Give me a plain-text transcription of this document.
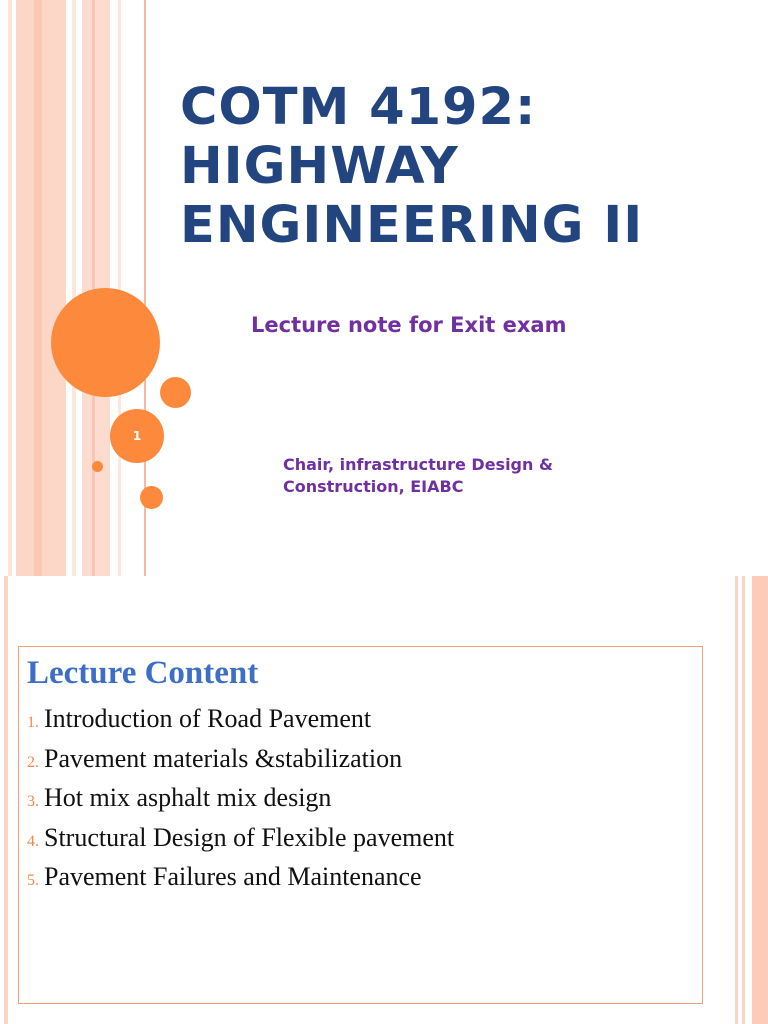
COTM 4192:
HIGHWAY
ENGINEERING II

Lecture note for Exit exam

Chair, infrastructure Design &
Construction, EIABC

1
Lecture Content
1. Introduction of Road Pavement
2. Pavement materials &stabilization
3. Hot mix asphalt mix design
4. Structural Design of Flexible pavement
5. Pavement Failures and Maintenance
